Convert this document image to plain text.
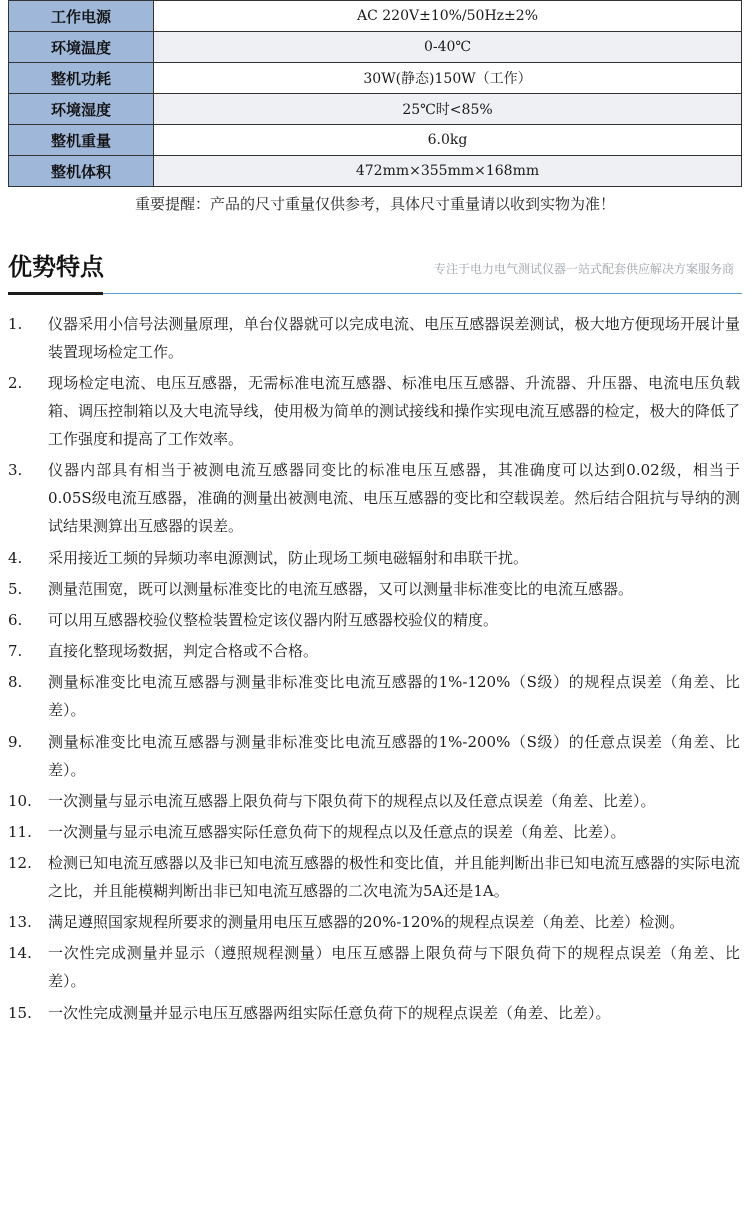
工作电源	AC 220V±10%/50Hz±2%
环境温度	0-40℃
整机功耗	30W(静态)150W（工作）
环境湿度	25℃时<85%
整机重量	6.0kg
整机体积	472mm×355mm×168mm
重要提醒：产品的尺寸重量仅供参考，具体尺寸重量请以收到实物为准！
优势特点	专注于电力电气测试仪器一站式配套供应解决方案服务商
1.	仪器采用小信号法测量原理，单台仪器就可以完成电流、电压互感器误差测试，极大地方便现场开展计量装置现场检定工作。
2.	现场检定电流、电压互感器，无需标准电流互感器、标准电压互感器、升流器、升压器、电流电压负载箱、调压控制箱以及大电流导线，使用极为简单的测试接线和操作实现电流互感器的检定，极大的降低了工作强度和提高了工作效率。
3.	仪器内部具有相当于被测电流互感器同变比的标准电压互感器，其准确度可以达到0.02级，相当于0.05S级电流互感器，准确的测量出被测电流、电压互感器的变比和空载误差。然后结合阻抗与导纳的测试结果测算出互感器的误差。
4.	采用接近工频的异频功率电源测试，防止现场工频电磁辐射和串联干扰。
5.	测量范围宽，既可以测量标准变比的电流互感器，又可以测量非标准变比的电流互感器。
6.	可以用互感器校验仪整检装置检定该仪器内附互感器校验仪的精度。
7.	直接化整现场数据，判定合格或不合格。
8.	测量标准变比电流互感器与测量非标准变比电流互感器的1%-120%（S级）的规程点误差（角差、比差）。
9.	测量标准变比电流互感器与测量非标准变比电流互感器的1%-200%（S级）的任意点误差（角差、比差）。
10.	一次测量与显示电流互感器上限负荷与下限负荷下的规程点以及任意点误差（角差、比差）。
11.	一次测量与显示电流互感器实际任意负荷下的规程点以及任意点的误差（角差、比差）。
12.	检测已知电流互感器以及非已知电流互感器的极性和变比值，并且能判断出非已知电流互感器的实际电流之比，并且能模糊判断出非已知电流互感器的二次电流为5A还是1A。
13.	满足遵照国家规程所要求的测量用电压互感器的20%-120%的规程点误差（角差、比差）检测。
14.	一次性完成测量并显示（遵照规程测量）电压互感器上限负荷与下限负荷下的规程点误差（角差、比差）。
15.	一次性完成测量并显示电压互感器两组实际任意负荷下的规程点误差（角差、比差）。
